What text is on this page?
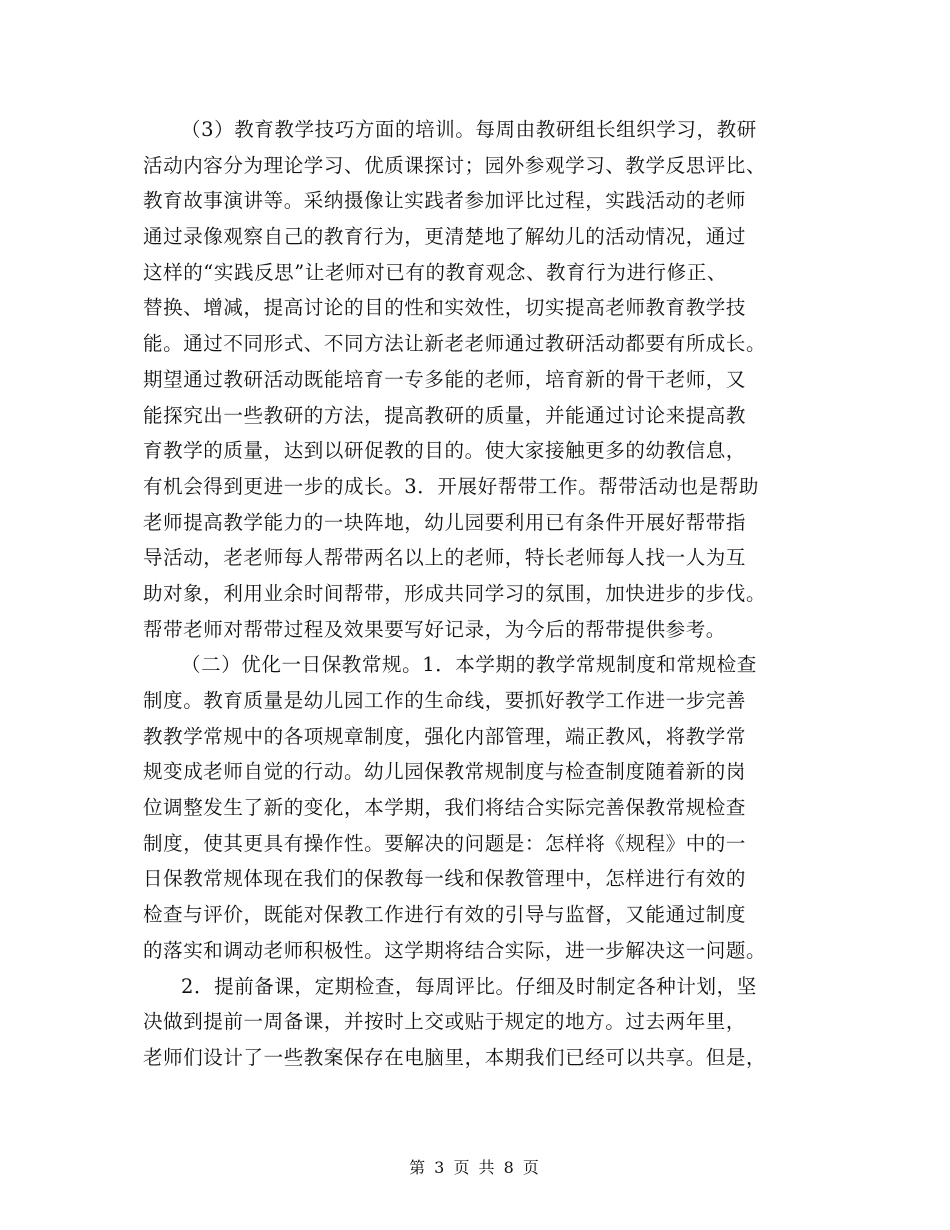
（3）教育教学技巧方面的培训。每周由教研组长组织学习，教研
活动内容分为理论学习、优质课探讨；园外参观学习、教学反思评比、
教育故事演讲等。采纳摄像让实践者参加评比过程，实践活动的老师
通过录像观察自己的教育行为，更清楚地了解幼儿的活动情况，通过
这样的“实践反思”让老师对已有的教育观念、教育行为进行修正、
替换、增减，提高讨论的目的性和实效性，切实提高老师教育教学技
能。通过不同形式、不同方法让新老老师通过教研活动都要有所成长。
期望通过教研活动既能培育一专多能的老师，培育新的骨干老师，又
能探究出一些教研的方法，提高教研的质量，并能通过讨论来提高教
育教学的质量，达到以研促教的目的。使大家接触更多的幼教信息，
有机会得到更进一步的成长。3．开展好帮带工作。帮带活动也是帮助
老师提高教学能力的一块阵地，幼儿园要利用已有条件开展好帮带指
导活动，老老师每人帮带两名以上的老师，特长老师每人找一人为互
助对象，利用业余时间帮带，形成共同学习的氛围，加快进步的步伐。
帮带老师对帮带过程及效果要写好记录，为今后的帮带提供参考。
（二）优化一日保教常规。1．本学期的教学常规制度和常规检查
制度。教育质量是幼儿园工作的生命线，要抓好教学工作进一步完善
教教学常规中的各项规章制度，强化内部管理，端正教风，将教学常
规变成老师自觉的行动。幼儿园保教常规制度与检查制度随着新的岗
位调整发生了新的变化，本学期，我们将结合实际完善保教常规检查
制度，使其更具有操作性。要解决的问题是：怎样将《规程》中的一
日保教常规体现在我们的保教每一线和保教管理中，怎样进行有效的
检查与评价，既能对保教工作进行有效的引导与监督，又能通过制度
的落实和调动老师积极性。这学期将结合实际，进一步解决这一问题。
2．提前备课，定期检查，每周评比。仔细及时制定各种计划，坚
决做到提前一周备课，并按时上交或贴于规定的地方。过去两年里，
老师们设计了一些教案保存在电脑里，本期我们已经可以共享。但是，
第 3 页 共 8 页
